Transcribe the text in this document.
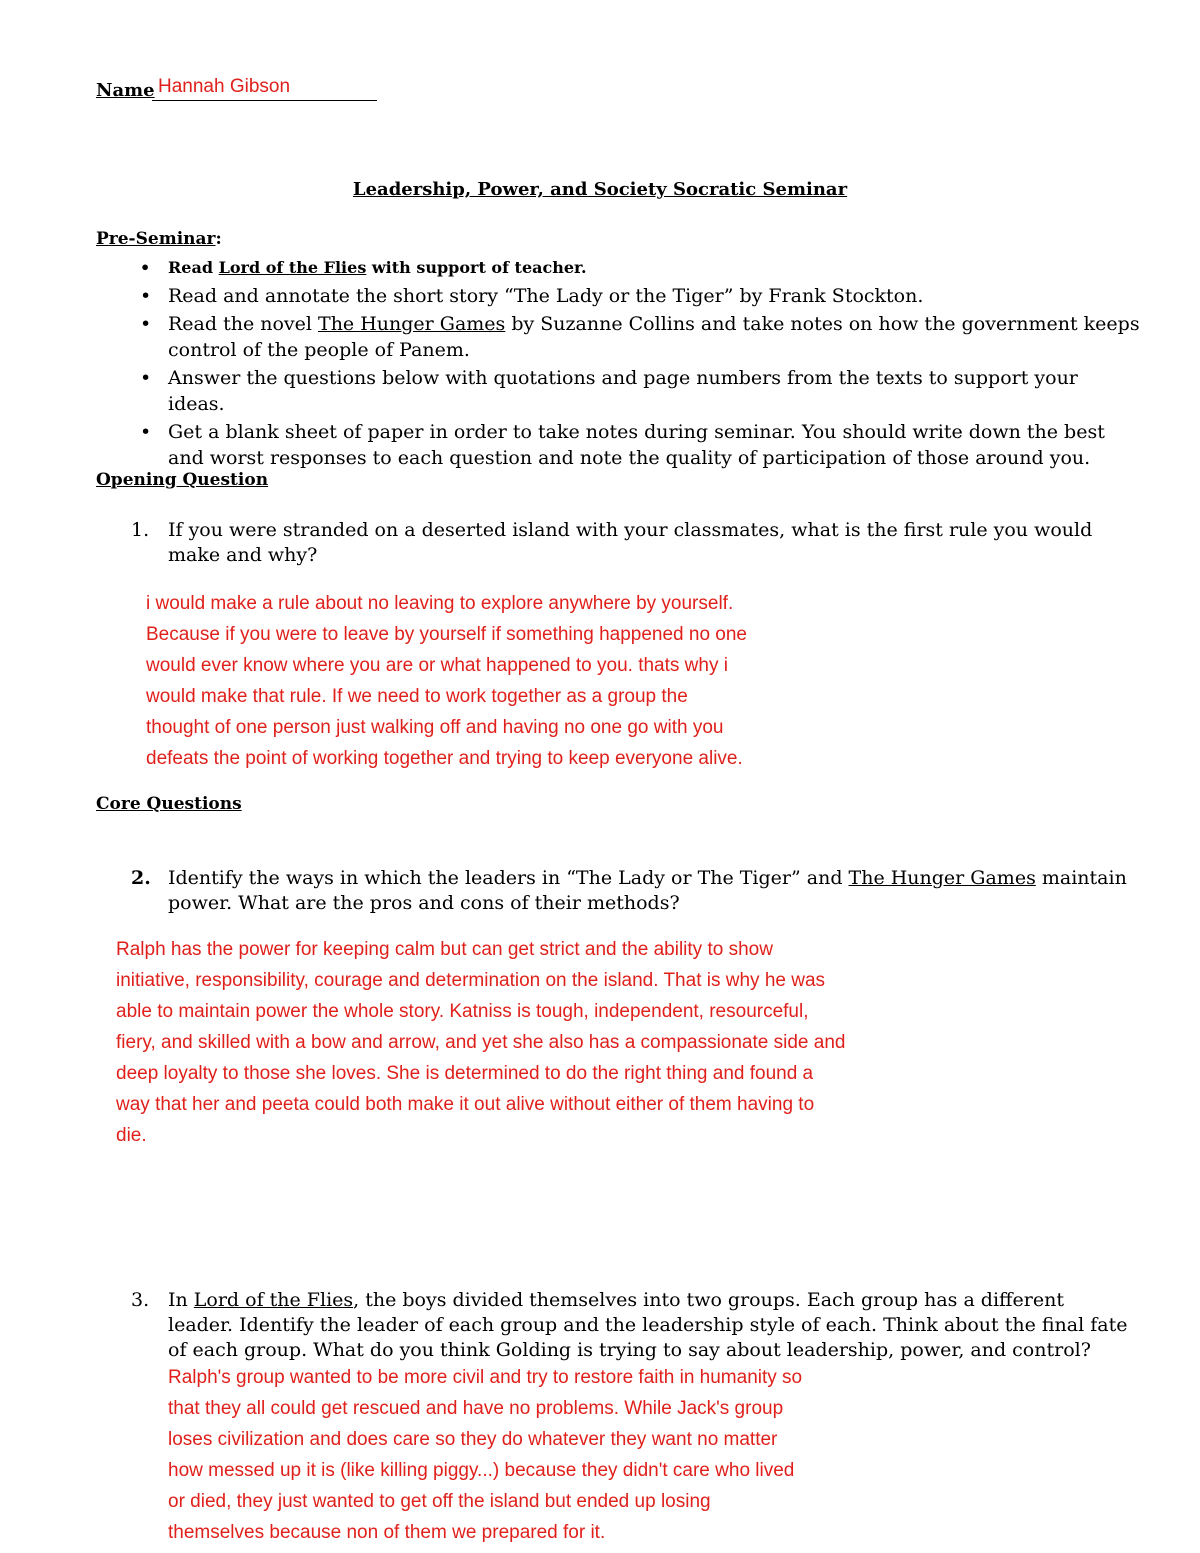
Name Hannah Gibson
Leadership, Power, and Society Socratic Seminar
Pre-Seminar:
• Read Lord of the Flies with support of teacher.
• Read and annotate the short story “The Lady or the Tiger” by Frank Stockton.
• Read the novel The Hunger Games by Suzanne Collins and take notes on how the government keeps control of the people of Panem.
• Answer the questions below with quotations and page numbers from the texts to support your ideas.
• Get a blank sheet of paper in order to take notes during seminar. You should write down the best and worst responses to each question and note the quality of participation of those around you.
Opening Question
1. If you were stranded on a deserted island with your classmates, what is the first rule you would make and why?
i would make a rule about no leaving to explore anywhere by yourself.
Because if you were to leave by yourself if something happened no one
would ever know where you are or what happened to you. thats why i
would make that rule. If we need to work together as a group the
thought of one person just walking off and having no one go with you
defeats the point of working together and trying to keep everyone alive.
Core Questions
2. Identify the ways in which the leaders in “The Lady or The Tiger” and The Hunger Games maintain power. What are the pros and cons of their methods?
Ralph has the power for keeping calm but can get strict and the ability to show
initiative, responsibility, courage and determination on the island. That is why he was
able to maintain power the whole story. Katniss is tough, independent, resourceful,
fiery, and skilled with a bow and arrow, and yet she also has a compassionate side and
deep loyalty to those she loves. She is determined to do the right thing and found a
way that her and peeta could both make it out alive without either of them having to
die.
3. In Lord of the Flies, the boys divided themselves into two groups. Each group has a different leader. Identify the leader of each group and the leadership style of each. Think about the final fate of each group. What do you think Golding is trying to say about leadership, power, and control?
Ralph's group wanted to be more civil and try to restore faith in humanity so
that they all could get rescued and have no problems. While Jack's group
loses civilization and does care so they do whatever they want no matter
how messed up it is (like killing piggy...) because they didn't care who lived
or died, they just wanted to get off the island but ended up losing
themselves because non of them we prepared for it.
